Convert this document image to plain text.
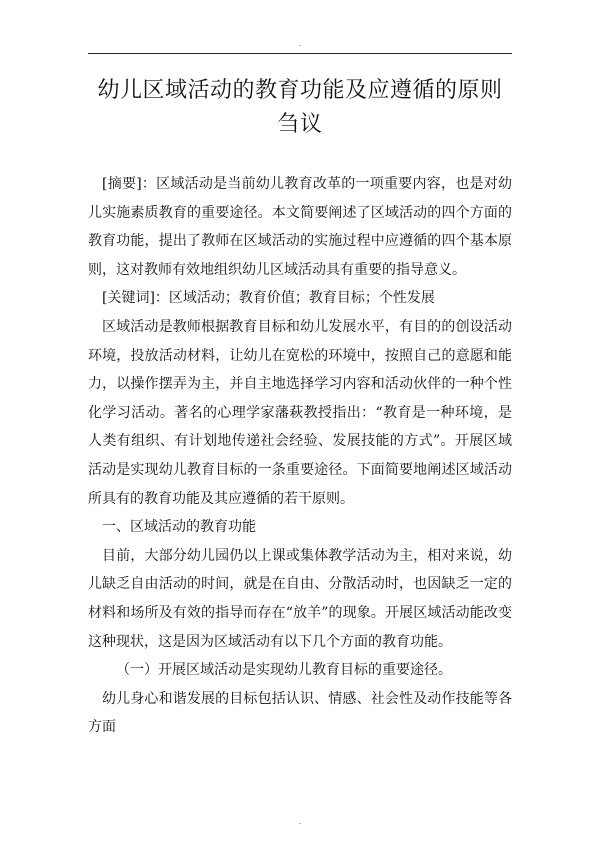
.
幼儿区域活动的教育功能及应遵循的原则
刍议

[摘要]：区域活动是当前幼儿教育改革的一项重要内容，也是对幼儿实施素质教育的重要途径。本文简要阐述了区域活动的四个方面的教育功能，提出了教师在区域活动的实施过程中应遵循的四个基本原则，这对教师有效地组织幼儿区域活动具有重要的指导意义。

[关键词]：区域活动；教育价值；教育目标；个性发展

区域活动是教师根据教育目标和幼儿发展水平，有目的的创设活动环境，投放活动材料，让幼儿在宽松的环境中，按照自己的意愿和能力，以操作摆弄为主，并自主地选择学习内容和活动伙伴的一种个性化学习活动。著名的心理学家藩萩教授指出：“教育是一种环境，是人类有组织、有计划地传递社会经验、发展技能的方式”。开展区域活动是实现幼儿教育目标的一条重要途径。下面简要地阐述区域活动所具有的教育功能及其应遵循的若干原则。

一、区域活动的教育功能

目前，大部分幼儿园仍以上课或集体教学活动为主，相对来说，幼儿缺乏自由活动的时间，就是在自由、分散活动时，也因缺乏一定的材料和场所及有效的指导而存在“放羊”的现象。开展区域活动能改变这种现状，这是因为区域活动有以下几个方面的教育功能。

（一）开展区域活动是实现幼儿教育目标的重要途径。

幼儿身心和谐发展的目标包括认识、情感、社会性及动作技能等各方面

.
